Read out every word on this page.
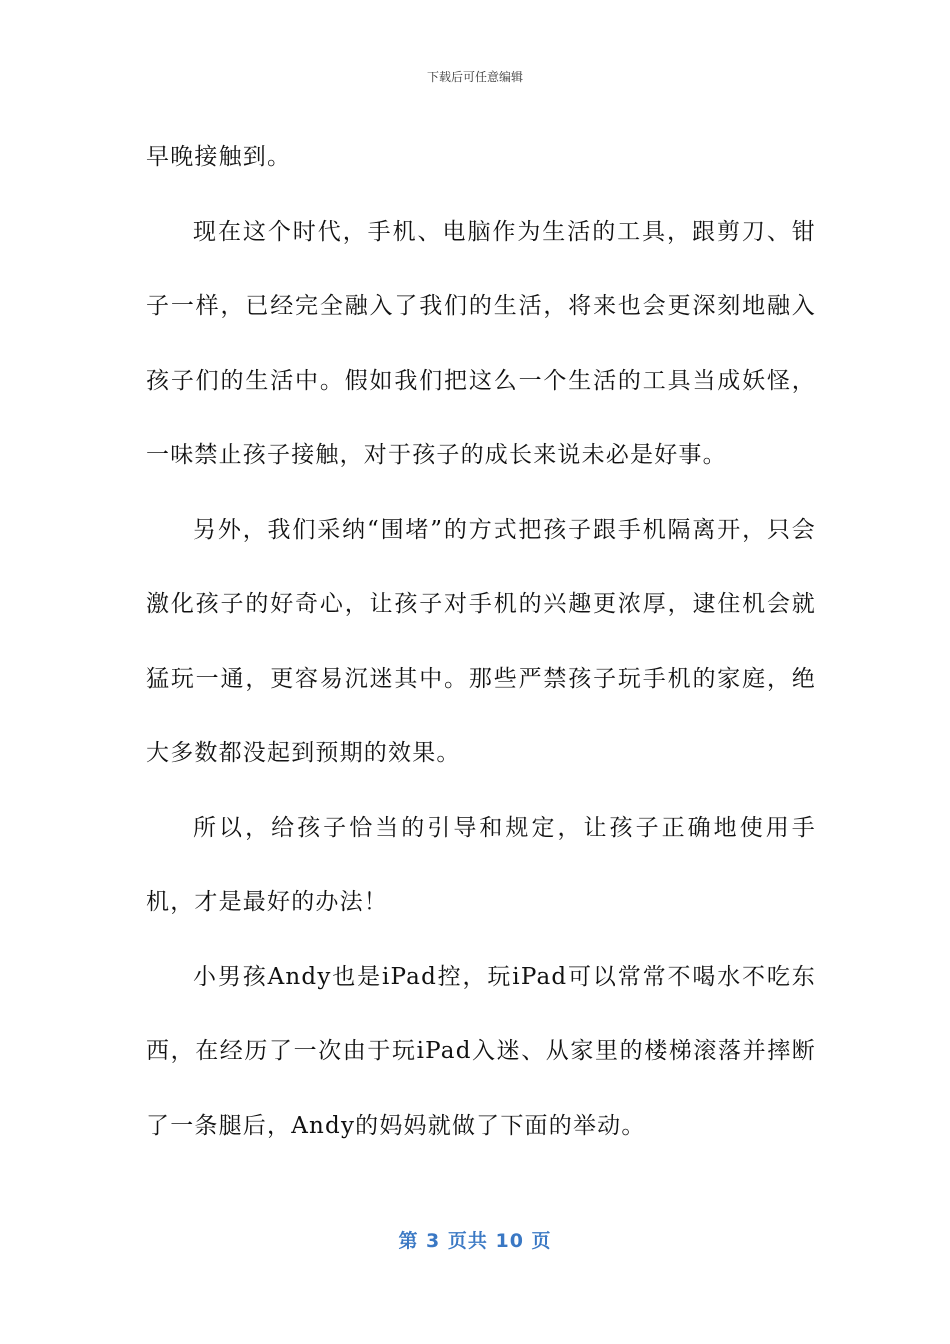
下载后可任意编辑

早晚接触到。

现在这个时代，手机、电脑作为生活的工具，跟剪刀、钳子一样，已经完全融入了我们的生活，将来也会更深刻地融入孩子们的生活中。假如我们把这么一个生活的工具当成妖怪，一味禁止孩子接触，对于孩子的成长来说未必是好事。

另外，我们采纳“围堵”的方式把孩子跟手机隔离开，只会激化孩子的好奇心，让孩子对手机的兴趣更浓厚，逮住机会就猛玩一通，更容易沉迷其中。那些严禁孩子玩手机的家庭，绝大多数都没起到预期的效果。

所以，给孩子恰当的引导和规定，让孩子正确地使用手机，才是最好的办法！

小男孩Andy也是iPad控，玩iPad可以常常不喝水不吃东西，在经历了一次由于玩iPad入迷、从家里的楼梯滚落并摔断了一条腿后，Andy的妈妈就做了下面的举动。

第 3 页共 10 页
